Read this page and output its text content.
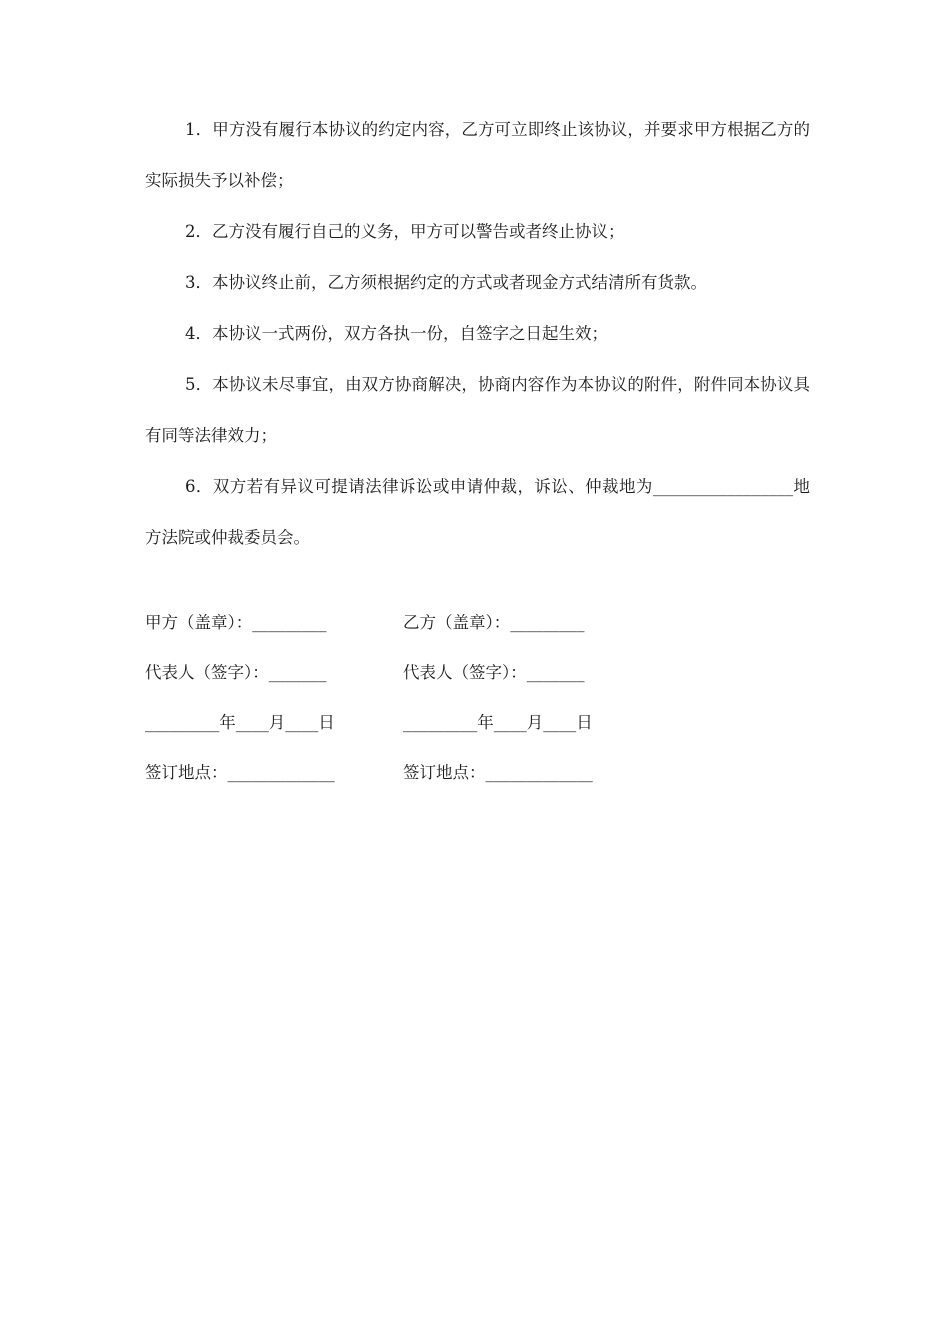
1．甲方没有履行本协议的约定内容，乙方可立即终止该协议，并要求甲方根据乙方的实际损失予以补偿；

2．乙方没有履行自己的义务，甲方可以警告或者终止协议；

3．本协议终止前，乙方须根据约定的方式或者现金方式结清所有货款。

4．本协议一式两份，双方各执一份，自签字之日起生效；

5．本协议未尽事宜，由双方协商解决，协商内容作为本协议的附件，附件同本协议具有同等法律效力；

6．双方若有异议可提请法律诉讼或申请仲裁，诉讼、仲裁地为_________________地方法院或仲裁委员会。

甲方（盖章）：_________	乙方（盖章）：_________
代表人（签字）：_______	代表人（签字）：_______
_________年____月____日	_________年____月____日
签订地点：_____________	签订地点：_____________
